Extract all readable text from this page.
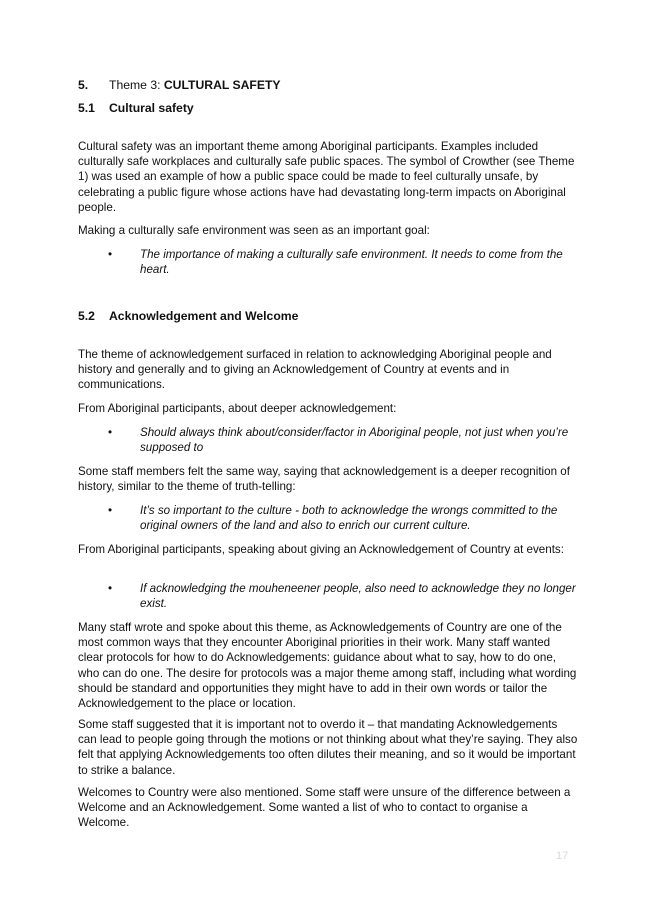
5. Theme 3: CULTURAL SAFETY

5.1 Cultural safety

Cultural safety was an important theme among Aboriginal participants. Examples included culturally safe workplaces and culturally safe public spaces. The symbol of Crowther (see Theme 1) was used an example of how a public space could be made to feel culturally unsafe, by celebrating a public figure whose actions have had devastating long-term impacts on Aboriginal people.

Making a culturally safe environment was seen as an important goal:

• The importance of making a culturally safe environment. It needs to come from the heart.

5.2 Acknowledgement and Welcome

The theme of acknowledgement surfaced in relation to acknowledging Aboriginal people and history and generally and to giving an Acknowledgement of Country at events and in communications.

From Aboriginal participants, about deeper acknowledgement:

• Should always think about/consider/factor in Aboriginal people, not just when you’re supposed to

Some staff members felt the same way, saying that acknowledgement is a deeper recognition of history, similar to the theme of truth-telling:

• It’s so important to the culture - both to acknowledge the wrongs committed to the original owners of the land and also to enrich our current culture.

From Aboriginal participants, speaking about giving an Acknowledgement of Country at events:

• If acknowledging the mouheneener people, also need to acknowledge they no longer exist.

Many staff wrote and spoke about this theme, as Acknowledgements of Country are one of the most common ways that they encounter Aboriginal priorities in their work. Many staff wanted clear protocols for how to do Acknowledgements: guidance about what to say, how to do one, who can do one. The desire for protocols was a major theme among staff, including what wording should be standard and opportunities they might have to add in their own words or tailor the Acknowledgement to the place or location.

Some staff suggested that it is important not to overdo it – that mandating Acknowledgements can lead to people going through the motions or not thinking about what they’re saying. They also felt that applying Acknowledgements too often dilutes their meaning, and so it would be important to strike a balance.

Welcomes to Country were also mentioned. Some staff were unsure of the difference between a Welcome and an Acknowledgement. Some wanted a list of who to contact to organise a Welcome.

17
